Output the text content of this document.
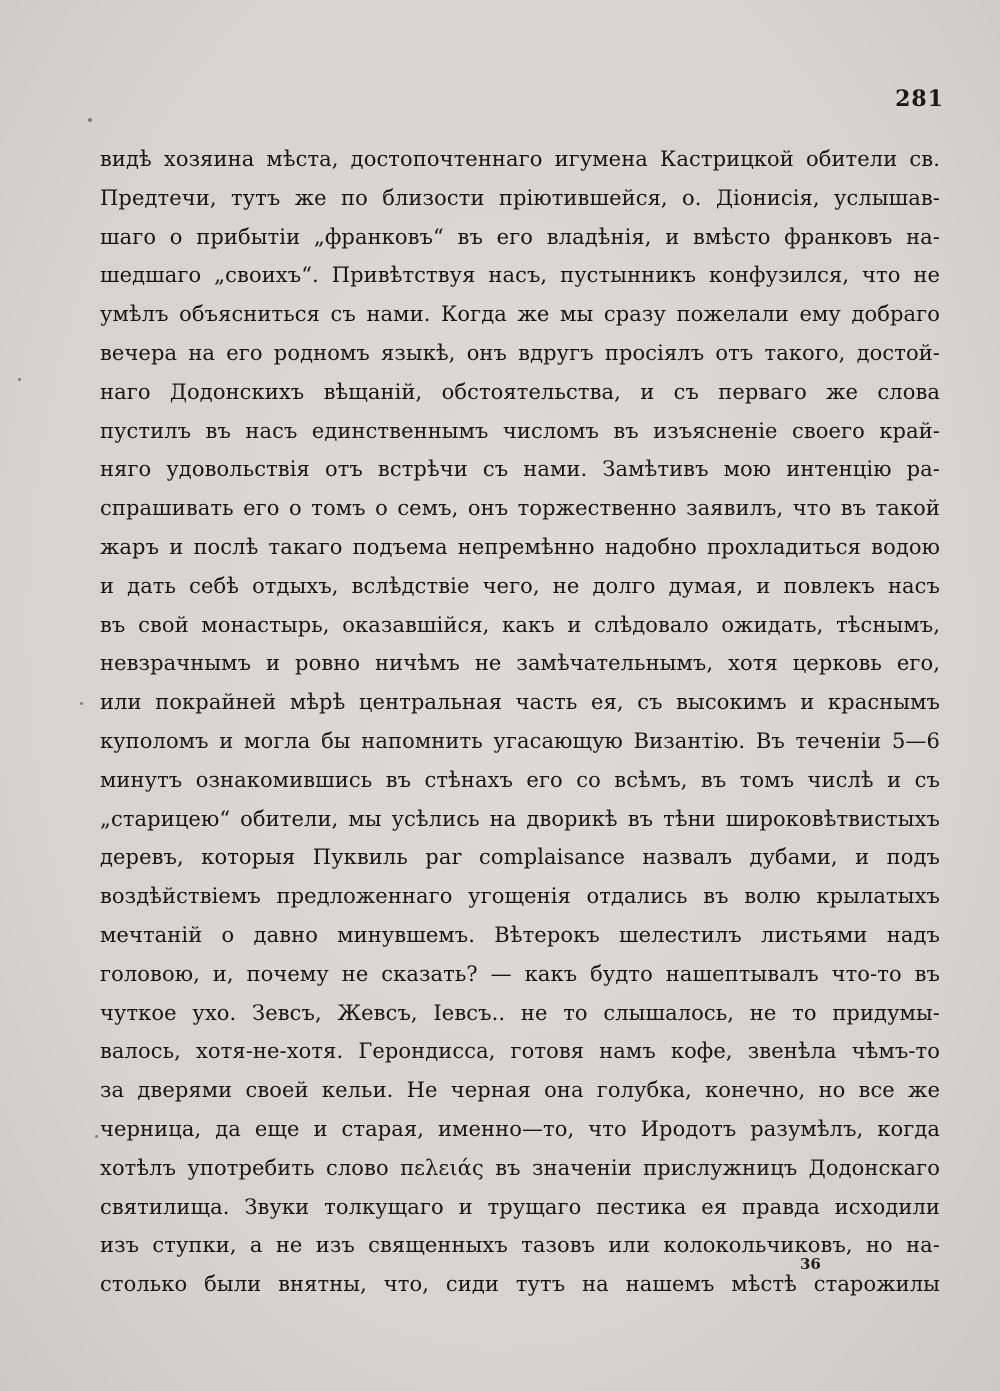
281
видѣ хозяина мѣста, достопочтеннаго игумена Кастрицкой обители св.
Предтечи, тутъ же по близости пріютившейся, о. Діонисія, услышав-
шаго о прибытіи „франковъ“ въ его владѣнія, и вмѣсто франковъ на-
шедшаго „своихъ“. Привѣтствуя насъ, пустынникъ конфузился, что не
умѣлъ объясниться съ нами. Когда же мы сразу пожелали ему добраго
вечера на его родномъ языкѣ, онъ вдругъ просіялъ отъ такого, достой-
наго Додонскихъ вѣщаній, обстоятельства, и съ перваго же слова
пустилъ въ насъ единственнымъ числомъ въ изъясненіе своего край-
няго удовольствія отъ встрѣчи съ нами. Замѣтивъ мою интенцію ра-
спрашивать его о томъ о семъ, онъ торжественно заявилъ, что въ такой
жаръ и послѣ такаго подъема непремѣнно надобно прохладиться водою
и дать себѣ отдыхъ, вслѣдствіе чего, не долго думая, и повлекъ насъ
въ свой монастырь, оказавшійся, какъ и слѣдовало ожидать, тѣснымъ,
невзрачнымъ и ровно ничѣмъ не замѣчательнымъ, хотя церковь его,
или покрайней мѣрѣ центральная часть ея, съ высокимъ и краснымъ
куполомъ и могла бы напомнить угасающую Византію. Въ теченіи 5—6
минутъ ознакомившись въ стѣнахъ его со всѣмъ, въ томъ числѣ и съ
„старицею“ обители, мы усѣлись на дворикѣ въ тѣни широковѣтвистыхъ
деревъ, которыя Пуквиль par complaisance назвалъ дубами, и подъ
воздѣйствіемъ предложеннаго угощенія отдались въ волю крылатыхъ
мечтаній о давно минувшемъ. Вѣтерокъ шелестилъ листьями надъ
головою, и, почему не сказать? — какъ будто нашептывалъ что-то въ
чуткое ухо. Зевсъ, Жевсъ, Іевсъ.. не то слышалось, не то придумы-
валось, хотя-не-хотя. Герондисса, готовя намъ кофе, звенѣла чѣмъ-то
за дверями своей кельи. Не черная она голубка, конечно, но все же
черница, да еще и старая, именно—то, что Иродотъ разумѣлъ, когда
хотѣлъ употребить слово πελειάς въ значеніи прислужницъ Додонскаго
святилища. Звуки толкущаго и трущаго пестика ея правда исходили
изъ ступки, а не изъ священныхъ тазовъ или колокольчиковъ, но на-
столько были внятны, что, сиди тутъ на нашемъ мѣстѣ старожилы
36
